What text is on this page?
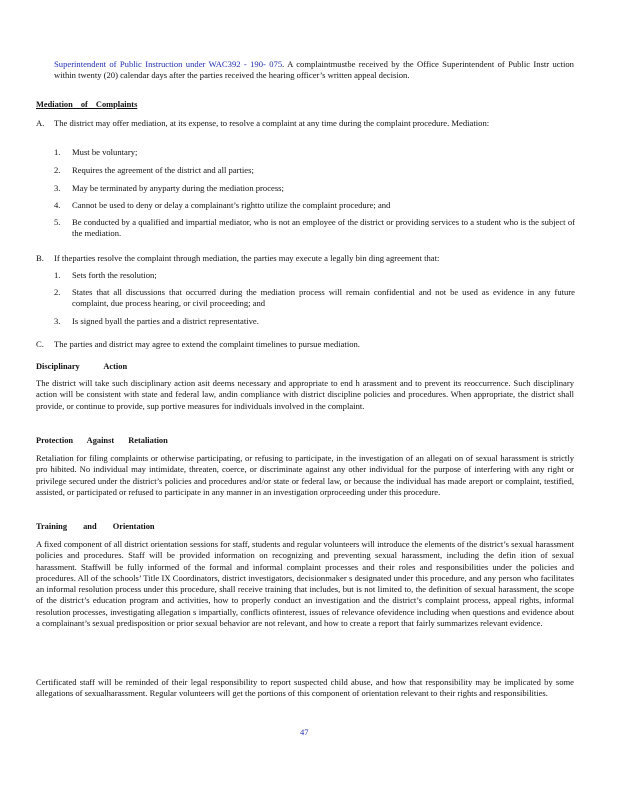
Superintendent of Public Instruction under WAC392 - 190- 075. A complaintmustbe received by the Office Superintendent of Public Instr uction within twenty (20) calendar days after the parties received the hearing officer’s written appeal decision.

Mediation of Complaints
A. The district may offer mediation, at its expense, to resolve a complaint at any time during the complaint procedure. Mediation:
1. Must be voluntary;
2. Requires the agreement of the district and all parties;
3. May be terminated by anyparty during the mediation process;
4. Cannot be used to deny or delay a complainant’s rightto utilize the complaint procedure; and
5. Be conducted by a qualified and impartial mediator, who is not an employee of the district or providing services to a student who is the subject of the mediation.
B. If theparties resolve the complaint through mediation, the parties may execute a legally bin ding agreement that:
1. Sets forth the resolution;
2. States that all discussions that occurred during the mediation process will remain confidential and not be used as evidence in any future complaint, due process hearing, or civil proceeding; and
3. Is signed byall the parties and a district representative.
C. The parties and district may agree to extend the complaint timelines to pursue mediation.
Disciplinary Action

The district will take such disciplinary action asit deems necessary and appropriate to end h arassment and to prevent its reoccurrence. Such disciplinary action will be consistent with state and federal law, andin compliance with district discipline policies and procedures. When appropriate, the district shall provide, or continue to provide, sup portive measures for individuals involved in the complaint.

Protection Against Retaliation

Retaliation for filing complaints or otherwise participating, or refusing to participate, in the investigation of an allegati on of sexual harassment is strictly pro hibited. No individual may intimidate, threaten, coerce, or discriminate against any other individual for the purpose of interfering with any right or privilege secured under the district’s policies and procedures and/or state or federal law, or because the individual has made areport or complaint, testified, assisted, or participated or refused to participate in any manner in an investigation orproceeding under this procedure.

Training and Orientation

A fixed component of all district orientation sessions for staff, students and regular volunteers will introduce the elements of the district’s sexual harassment policies and procedures. Staff will be provided information on recognizing and preventing sexual harassment, including the defin ition of sexual harassment. Staffwill be fully informed of the formal and informal complaint processes and their roles and responsibilities under the policies and procedures. All of the schools’ Title IX Coordinators, district investigators, decisionmaker s designated under this procedure, and any person who facilitates an informal resolution process under this procedure, shall receive training that includes, but is not limited to, the definition of sexual harassment, the scope of the district’s education program and activities, how to properly conduct an investigation and the district’s complaint process, appeal rights, informal resolution processes, investigating allegation s impartially, conflicts ofinterest, issues of relevance ofevidence including when questions and evidence about a complainant’s sexual predisposition or prior sexual behavior are not relevant, and how to create a report that fairly summarizes relevant evidence.

Certificated staff will be reminded of their legal responsibility to report suspected child abuse, and how that responsibility may be implicated by some allegations of sexualharassment. Regular volunteers will get the portions of this component of orientation relevant to their rights and responsibilities.

47
